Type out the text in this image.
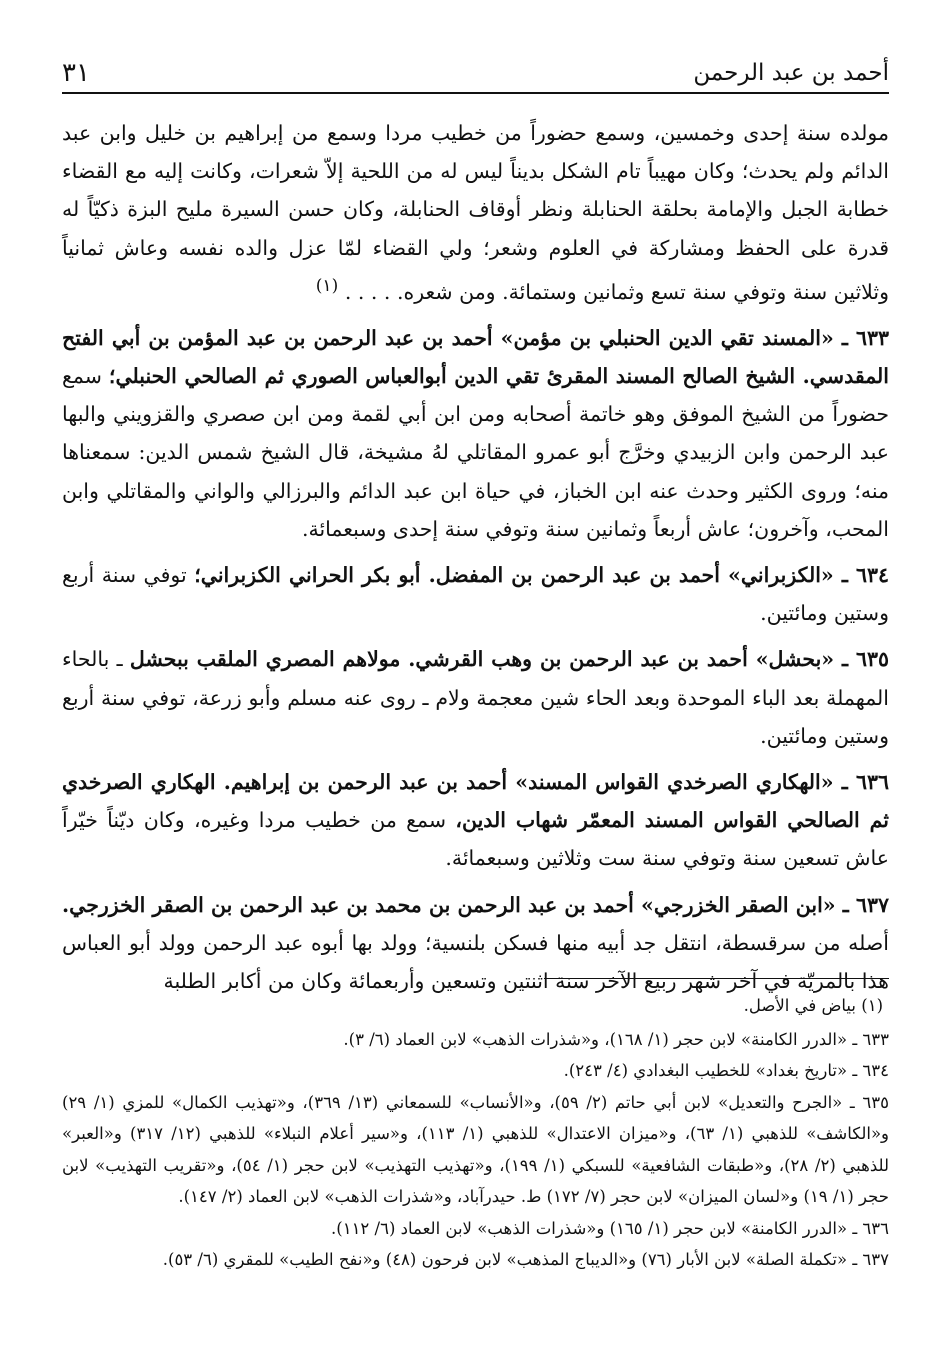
أحمد بن عبد الرحمن
٣١

مولده سنة إحدى وخمسين، وسمع حضوراً من خطيب مردا وسمع من إبراهيم بن خليل وابن عبد الدائم ولم يحدث؛ وكان مهيباً تام الشكل بديناً ليس له من اللحية إلاّ شعرات، وكانت إليه مع القضاء خطابة الجبل والإمامة بحلقة الحنابلة ونظر أوقاف الحنابلة، وكان حسن السيرة مليح البزة ذكيّاً له قدرة على الحفظ ومشاركة في العلوم وشعر؛ ولي القضاء لمّا عزل والده نفسه وعاش ثمانياً وثلاثين سنة وتوفي سنة تسع وثمانين وستمائة. ومن شعره. . . . . $^{(١)}$

٦٣٣ ـ «المسند تقي الدين الحنبلي بن مؤمن» أحمد بن عبد الرحمن بن عبد المؤمن بن أبي الفتح المقدسي. الشيخ الصالح المسند المقرئ تقي الدين أبوالعباس الصوري ثم الصالحي الحنبلي؛ سمع حضوراً من الشيخ الموفق وهو خاتمة أصحابه ومن ابن أبي لقمة ومن ابن صصري والقزويني والبها عبد الرحمن وابن الزبيدي وخرَّج أبو عمرو المقاتلي لهُ مشيخة، قال الشيخ شمس الدين: سمعناها منه؛ وروى الكثير وحدث عنه ابن الخباز، في حياة ابن عبد الدائم والبرزالي والواني والمقاتلي وابن المحب، وآخرون؛ عاش أربعاً وثمانين سنة وتوفي سنة إحدى وسبعمائة.

٦٣٤ ـ «الكزبراني» أحمد بن عبد الرحمن بن المفضل. أبو بكر الحراني الكزبراني؛ توفي سنة أربع وستين ومائتين.

٦٣٥ ـ «بحشل» أحمد بن عبد الرحمن بن وهب القرشي. مولاهم المصري الملقب ببحشل ـ بالحاء المهملة بعد الباء الموحدة وبعد الحاء شين معجمة ولام ـ روى عنه مسلم وأبو زرعة، توفي سنة أربع وستين ومائتين.

٦٣٦ ـ «الهكاري الصرخدي القواس المسند» أحمد بن عبد الرحمن بن إبراهيم. الهكاري الصرخدي ثم الصالحي القواس المسند المعمّر شهاب الدين، سمع من خطيب مردا وغيره، وكان ديّناً خيّراً عاش تسعين سنة وتوفي سنة ست وثلاثين وسبعمائة.

٦٣٧ ـ «ابن الصقر الخزرجي» أحمد بن عبد الرحمن بن محمد بن عبد الرحمن بن الصقر الخزرجي. أصله من سرقسطة، انتقل جد أبيه منها فسكن بلنسية؛ وولد بها أبوه عبد الرحمن وولد أبو العباس هذا بالمريّة في آخر شهر ربيع الآخر سنة اثنتين وتسعين وأربعمائة وكان من أكابر الطلبة

(١) بياض في الأصل.

٦٣٣ ـ «الدرر الكامنة» لابن حجر (١/ ١٦٨)، و«شذرات الذهب» لابن العماد (٦/ ٣).

٦٣٤ ـ «تاريخ بغداد» للخطيب البغدادي (٤/ ٢٤٣).

٦٣٥ ـ «الجرح والتعديل» لابن أبي حاتم (٢/ ٥٩)، و«الأنساب» للسمعاني (١٣/ ٣٦٩)، و«تهذيب الكمال» للمزي (١/ ٢٩) و«الكاشف» للذهبي (١/ ٦٣)، و«ميزان الاعتدال» للذهبي (١/ ١١٣)، و«سير أعلام النبلاء» للذهبي (١٢/ ٣١٧) و«العبر» للذهبي (٢/ ٢٨)، و«طبقات الشافعية» للسبكي (١/ ١٩٩)، و«تهذيب التهذيب» لابن حجر (١/ ٥٤)، و«تقريب التهذيب» لابن حجر (١/ ١٩) و«لسان الميزان» لابن حجر (٧/ ١٧٢) ط. حيدرآباد، و«شذرات الذهب» لابن العماد (٢/ ١٤٧).

٦٣٦ ـ «الدرر الكامنة» لابن حجر (١/ ١٦٥) و«شذرات الذهب» لابن العماد (٦/ ١١٢).

٦٣٧ ـ «تكملة الصلة» لابن الأبار (٧٦) و«الديباج المذهب» لابن فرحون (٤٨) و«نفح الطيب» للمقري (٦/ ٥٣).
